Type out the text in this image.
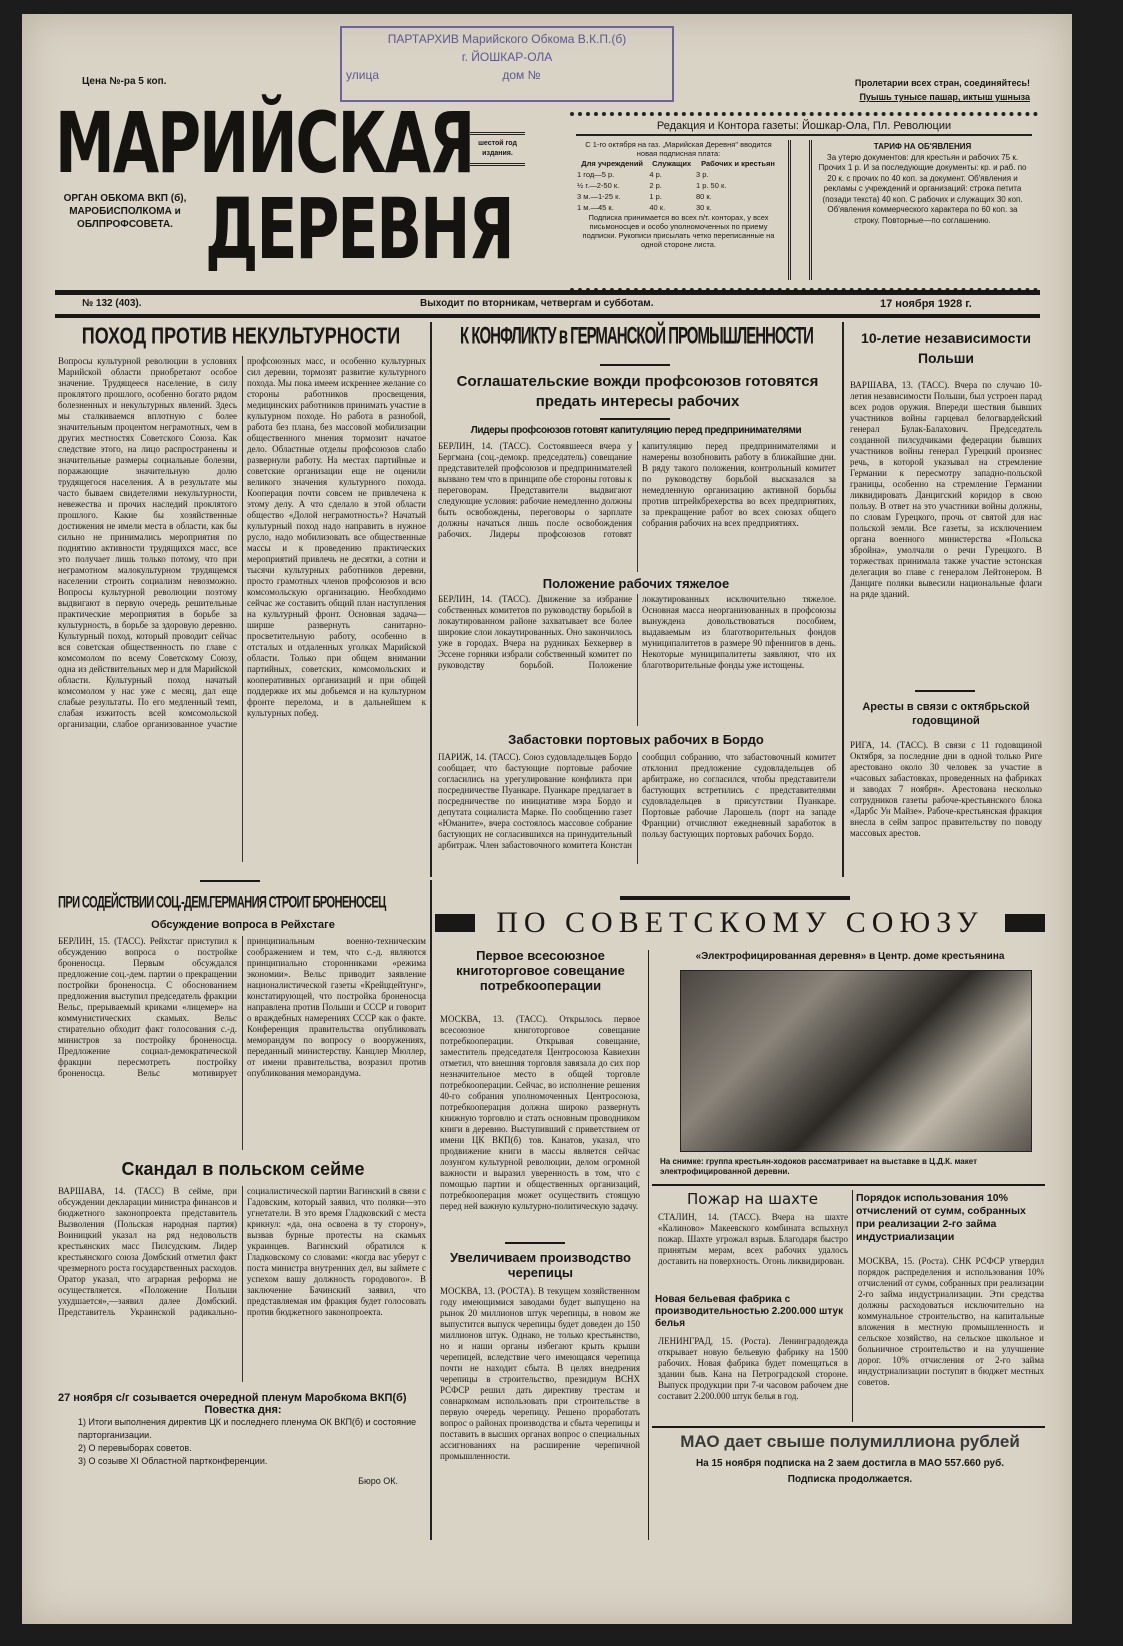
ПАРТАРХИВ Марийского Обкома В.К.П.(б)
г. ЙОШКАР-ОЛА
улица	дом №
Цена №-ра 5 коп.	Пролетарии всех стран, соединяйтесь!
Пуышь тунысе пашар, иктыш ушныза
МАРИЙСКАЯ
ДЕРЕВНЯ
шестой год издания.
ОРГАН ОБКОМА ВКП (б), МАРОБИСПОЛКОМА и ОБЛПРОФСОВЕТА.
Редакция и Контора газеты: Йошкар-Ола, Пл. Революции
С 1-го октября на газ. „Марийская Деревня" вводится новая подписная плата:
Для учреждений	Служащих	Рабочих и крестьян
1 год—5 р.	4 р.	3 р.
½ г.—2-50 к.	2 р.	1 р. 50 к.
3 м.—1-25 к.	1 р.	80 к.
1 м.—45 к.	40 к.	30 к.
Подписка принимается во всех п/т. конторах, у всех письмоносцев и особо уполномоченных по приему подписки. Рукописи присылать четко переписанные на одной стороне листа.
ТАРИФ НА ОБ'ЯВЛЕНИЯ
За утерю документов: для крестьян и рабочих 75 к. Прочих 1 р. И за последующие документы: кр. и раб. по 20 к. с прочих по 40 коп. за документ. Об'явления и рекламы с учреждений и организаций: строка петита (позади текста) 40 коп. С рабочих и служащих 30 коп. Об'явления коммерческого характера по 60 коп. за строку. Повторные—по соглашению.
№ 132 (403).	Выходит по вторникам, четвергам и субботам.	17 ноября 1928 г.
ПОХОД ПРОТИВ НЕКУЛЬТУРНОСТИ
Вопросы культурной революции в условиях Марийской области приобретают особое значение. Трудящееся население, в силу проклятого прошлого, особенно богато рядом болезненных и некультурных явлений. Здесь мы сталкиваемся вплотную с более значительным процентом неграмотных, чем в других местностях Советского Союза. Как следствие этого, на лицо распространены и значительные размеры социальные болезни, поражающие значительную долю трудящегося населения. А в результате мы часто бываем свидетелями некультурности, невежества и прочих наследий проклятого прошлого. Какие бы хозяйственные достижения не имели места в области, как бы сильно не принимались мероприятия по поднятию активности трудящихся масс, все это получает лишь только потому, что при неграмотном малокультурном трудящемся населении строить социализм невозможно. Вопросы культурной революции поэтому выдвигают в первую очередь решительные практические мероприятия в борьбе за культурность, в борьбе за здоровую деревню. Культурный поход, который проводит сейчас вся советская общественность по главе с комсомолом по всему Советскому Союзу, одна из действительных мер и для Марийской области. Культурный поход начатый комсомолом у нас уже с месяц, дал еще слабые результаты. По его медленный темп, слабая изжитость всей комсомольской организации, слабое организованное участие профсоюзных масс, и особенно культурных сил деревни, тормозят развитие культурного похода. Мы пока имеем искреннее желание со стороны работников просвещения, медицинских работников принимать участие в культурном походе. Но работа в разнобой, работа без плана, без массовой мобилизации общественного мнения тормозит начатое дело. Областные отделы профсоюзов слабо развернули работу. На местах партийные и советские организации еще не оценили великого значения культурного похода. Кооперация почти совсем не привлечена к этому делу. А что сделало в этой области общество «Долой неграмотность»? Начатый культурный поход надо направить в нужное русло, надо мобилизовать все общественные массы и к проведению практических мероприятий привлечь не десятки, а сотни и тысячи культурных работников деревни, просто грамотных членов профсоюзов и всю комсомольскую организацию. Необходимо сейчас же составить общий план наступления на культурный фронт. Основная задача—ширше развернуть санитарно-просветительную работу, особенно в отсталых и отдаленных уголках Марийской области. Только при общем внимании партийных, советских, комсомольских и кооперативных организаций и при общей поддержке их мы добьемся и на культурном фронте перелома, и в дальнейшем к культурных побед.
К КОНФЛИКТУ в ГЕРМАНСКОЙ ПРОМЫШЛЕННОСТИ
Соглашательские вожди профсоюзов готовятся предать интересы рабочих
Лидеры профсоюзов готовят капитуляцию перед предпринимателями
БЕРЛИН, 14. (ТАСС). Состоявшееся вчера у Бергмана (соц.-демокр. председатель) совещание представителей профсоюзов и предпринимателей вызвано тем что в принципе обе стороны готовы к переговорам. Представители выдвигают следующие условия: рабочие немедленно должны быть освобождены, переговоры о зарплате должны начаться лишь после освобождения рабочих. Лидеры профсоюзов готовят капитуляцию перед предпринимателями и намерены возобновить работу в ближайшие дни. В ряду такого положения, контрольный комитет по руководству борьбой высказался за немедленную организацию активной борьбы против штрейкбрехерства во всех предприятиях, за прекращение работ во всех союзах общего собрания рабочих на всех предприятиях.
Положение рабочих тяжелое
БЕРЛИН, 14. (ТАСС). Движение за избрание собственных комитетов по руководству борьбой в локаутированном районе захватывает все более широкие слои локаутированных. Оно закончилось уже в городах. Вчера на рудниках Бехкервер в Эссене горняки избрали собственный комитет по руководству борьбой. Положение локаутированных исключительно тяжелое. Основная масса неорганизованных в профсоюзы вынуждена довольствоваться пособием, выдаваемым из благотворительных фондов муниципалитетов в размере 90 пфеннигов в день. Некоторые муниципалитеты заявляют, что их благотворительные фонды уже истощены.
Забастовки портовых рабочих в Бордо
ПАРИЖ, 14. (ТАСС). Союз судовладельцев Бордо сообщает, что бастующие портовые рабочие согласились на урегулирование конфликта при посредничестве Пуанкаре. Пуанкаре предлагает в посредничестве по инициативе мэра Бордо и депутата социалиста Марке. По сообщению газет «Юманите», вчера состоялось массовое собрание бастующих не согласившихся на принудительный арбитраж. Член забастовочного комитета Констан сообщил собранию, что забастовочный комитет отклонил предложение судовладельцев об арбитраже, но согласился, чтобы представители бастующих встретились с представителями судовладельцев в присутствии Пуанкаре. Портовые рабочие Ларошель (порт на западе Франции) отчисляют ежедневный заработок в пользу бастующих портовых рабочих Бордо.
10-летие независимости Польши
ВАРШАВА, 13. (ТАСС). Вчера по случаю 10-летия независимости Польши, был устроен парад всех родов оружия. Впереди шествия бывших участников войны гарцевал белогвардейский генерал Булак-Балахович. Председатель созданной пилсудчиками федерации бывших участников войны генерал Гурецкий произнес речь, в которой указывал на стремление Германии к пересмотру западно-польской границы, особенно на стремление Германии ликвидировать Данцигский коридор в свою пользу. В ответ на это участники войны должны, по словам Гурецкого, прочь от святой для нас польской земли. Все газеты, за исключением органа военного министерства «Польска збройна», умолчали о речи Гурецкого. В торжествах принимала также участие эстонская делегация во главе с генералом Лейтонером. В Данциге поляки вывесили национальные флаги на ряде зданий.
Аресты в связи с октябрьской годовщиной
РИГА, 14. (ТАСС). В связи с 11 годовщиной Октября, за последние дни в одной только Риге арестовано около 30 человек за участие в «часовых забастовках, проведенных на фабриках и заводах 7 ноября». Арестована несколько сотрудников газеты рабоче-крестьянского блока «Дарбс Ун Майзе». Рабоче-крестьянская фракция внесла в сейм запрос правительству по поводу массовых арестов.
ПРИ СОДЕЙСТВИИ СОЦ.-ДЕМ.ГЕРМАНИЯ СТРОИТ БРОНЕНОСЕЦ
Обсуждение вопроса в Рейхстаге
БЕРЛИН, 15. (ТАСС). Рейхстаг приступил к обсуждению вопроса о постройке броненосца. Первым обсуждался предложение соц.-дем. партии о прекращении постройки броненосца. С обоснованием предложения выступил председатель фракции Вельс, прерываемый криками «лицемер» на коммунистических скамьях. Вельс стирательно обходит факт голосования с.-д. министров за постройку броненосца. Предложение социал-демократической фракции пересмотреть постройку броненосца. Вельс мотивирует принципиальным военно-техническим соображением и тем, что с.-д. являются принципиально сторонниками «режима экономии». Вельс приводит заявление националистической газеты «Крейццейтунг», констатирующей, что постройка броненосца направлена против Польши и СССР и говорит о враждебных намерениях СССР как о факте. Конференция правительства опубликовать меморандум по вопросу о вооружениях, переданный министерству. Канцлер Мюллер, от имени правительства, возразил против опубликования меморандума.
Скандал в польском сейме
ВАРШАВА, 14. (ТАСС) В сейме, при обсуждении декларации министра финансов и бюджетного законопроекта представитель Вызволения (Польская народная партия) Воиницкий указал на ряд недовольств крестьянских масс Пилсудским. Лидер крестьянского союза Домбский отметил факт чрезмерного роста государственных расходов. Оратор указал, что аграрная реформа не осуществляется. «Положение Польши ухудшается»,—заявил далее Домбский. Представитель Украинской радикально-социалистической партии Вагинский в связи с Гадовским, который заявил, что поляки—это угнетатели. В это время Гладковский с места крикнул: «да, она освоена в ту сторону», вызвав бурные протесты на скамьях украинцев. Вагинский обратился к Гладковскому со словами: «когда вас уберут с поста министра внутренних дел, вы займете с успехом вашу должность городового». В заключение Бачинский заявил, что представляемая им фракция будет голосовать против бюджетного законопроекта.
27 ноября с/г созывается очередной пленум Маробкома ВКП(б)
Повестка дня:
1) Итоги выполнения директив ЦК и последнего пленума ОК ВКП(б) и состояние парторганизации.
2) О перевыборах советов.
3) О созыве XI Областной партконференции.
Бюро ОК.
ПО СОВЕТСКОМУ СОЮЗУ
Первое всесоюзное книготорговое совещание потребкооперации
МОСКВА, 13. (ТАСС). Открылось первое всесоюзное книготорговое совещание потребкооперации. Открывая совещание, заместитель председателя Центросоюза Кавиехин отметил, что внешняя торговля завязала до сих пор незначительное место в общей торговле потребкооперации. Сейчас, во исполнение решения 40-го собрания уполномоченных Центросоюза, потребкооперация должна широко развернуть книжную торговлю и стать основным проводником книги в деревню. Выступивший с приветствием от имени ЦК ВКП(б) тов. Канатов, указал, что продвижение книги в массы является сейчас лозунгом культурной революции, делом огромной важности и выразил уверенность в том, что с помощью партии и общественных организаций, потребкооперация может осуществить стоящую перед ней важную культурно-политическую задачу.
Увеличиваем производство черепицы
МОСКВА, 13. (РОСТА). В текущем хозяйственном году имеющимися заводами будет выпущено на рынок 20 миллионов штук черепицы, в новом же выпустится выпуск черепицы будет доведен до 150 миллионов штук. Однако, не только крестьянство, но и наши органы избегают крыть крыши черепицей, вследствие чего имеющаяся черепица почти не находит сбыта. В целях внедрения черепицы в строительство, президиум ВСНХ РСФСР решил дать директиву трестам и совнаркомам использовать при строительстве в первую очередь черепицу. Решено проработать вопрос о районах производства и сбыта черепицы и поставить в высших органах вопрос о специальных ассигнованиях на расширение черепичной промышленности.
«Электрофицированная деревня» в Центр. доме крестьянина
На снимке: группа крестьян-ходоков рассматривает на выставке в Ц.Д.К. макет электрофицированной деревни.
Пожар на шахте
СТАЛИН, 14. (ТАСС). Вчера на шахте «Калиново» Макеевского комбината вспыхнул пожар. Шахте угрожал взрыв. Благодаря быстро принятым мерам, всех рабочих удалось доставить на поверхность. Огонь ликвидирован.
Новая бельевая фабрика с производительностью 2.200.000 штук белья
ЛЕНИНГРАД, 15. (Роста). Ленинградодежда открывает новую бельевую фабрику на 1500 рабочих. Новая фабрика будет помещаться в здании быв. Кана на Петроградской стороне. Выпуск продукции при 7-и часовом рабочем дне составит 2.200.000 штук белья в год.
Порядок использования 10% отчислений от сумм, собранных при реализации 2-го займа индустриализации
МОСКВА, 15. (Роста). СНК РСФСР утвердил порядок распределения и использования 10% отчислений от сумм, собранных при реализации 2-го займа индустриализации. Эти средства должны расходоваться исключительно на коммунальное строительство, на капитальные вложения в местную промышленность и сельское хозяйство, на сельское школьное и больничное строительство и на улучшение дорог. 10% отчисления от 2-го займа индустриализации поступят в бюджет местных советов.
МАО дает свыше полумиллиона рублей
На 15 ноября подписка на 2 заем достигла в МАО 557.660 руб.
Подписка продолжается.
